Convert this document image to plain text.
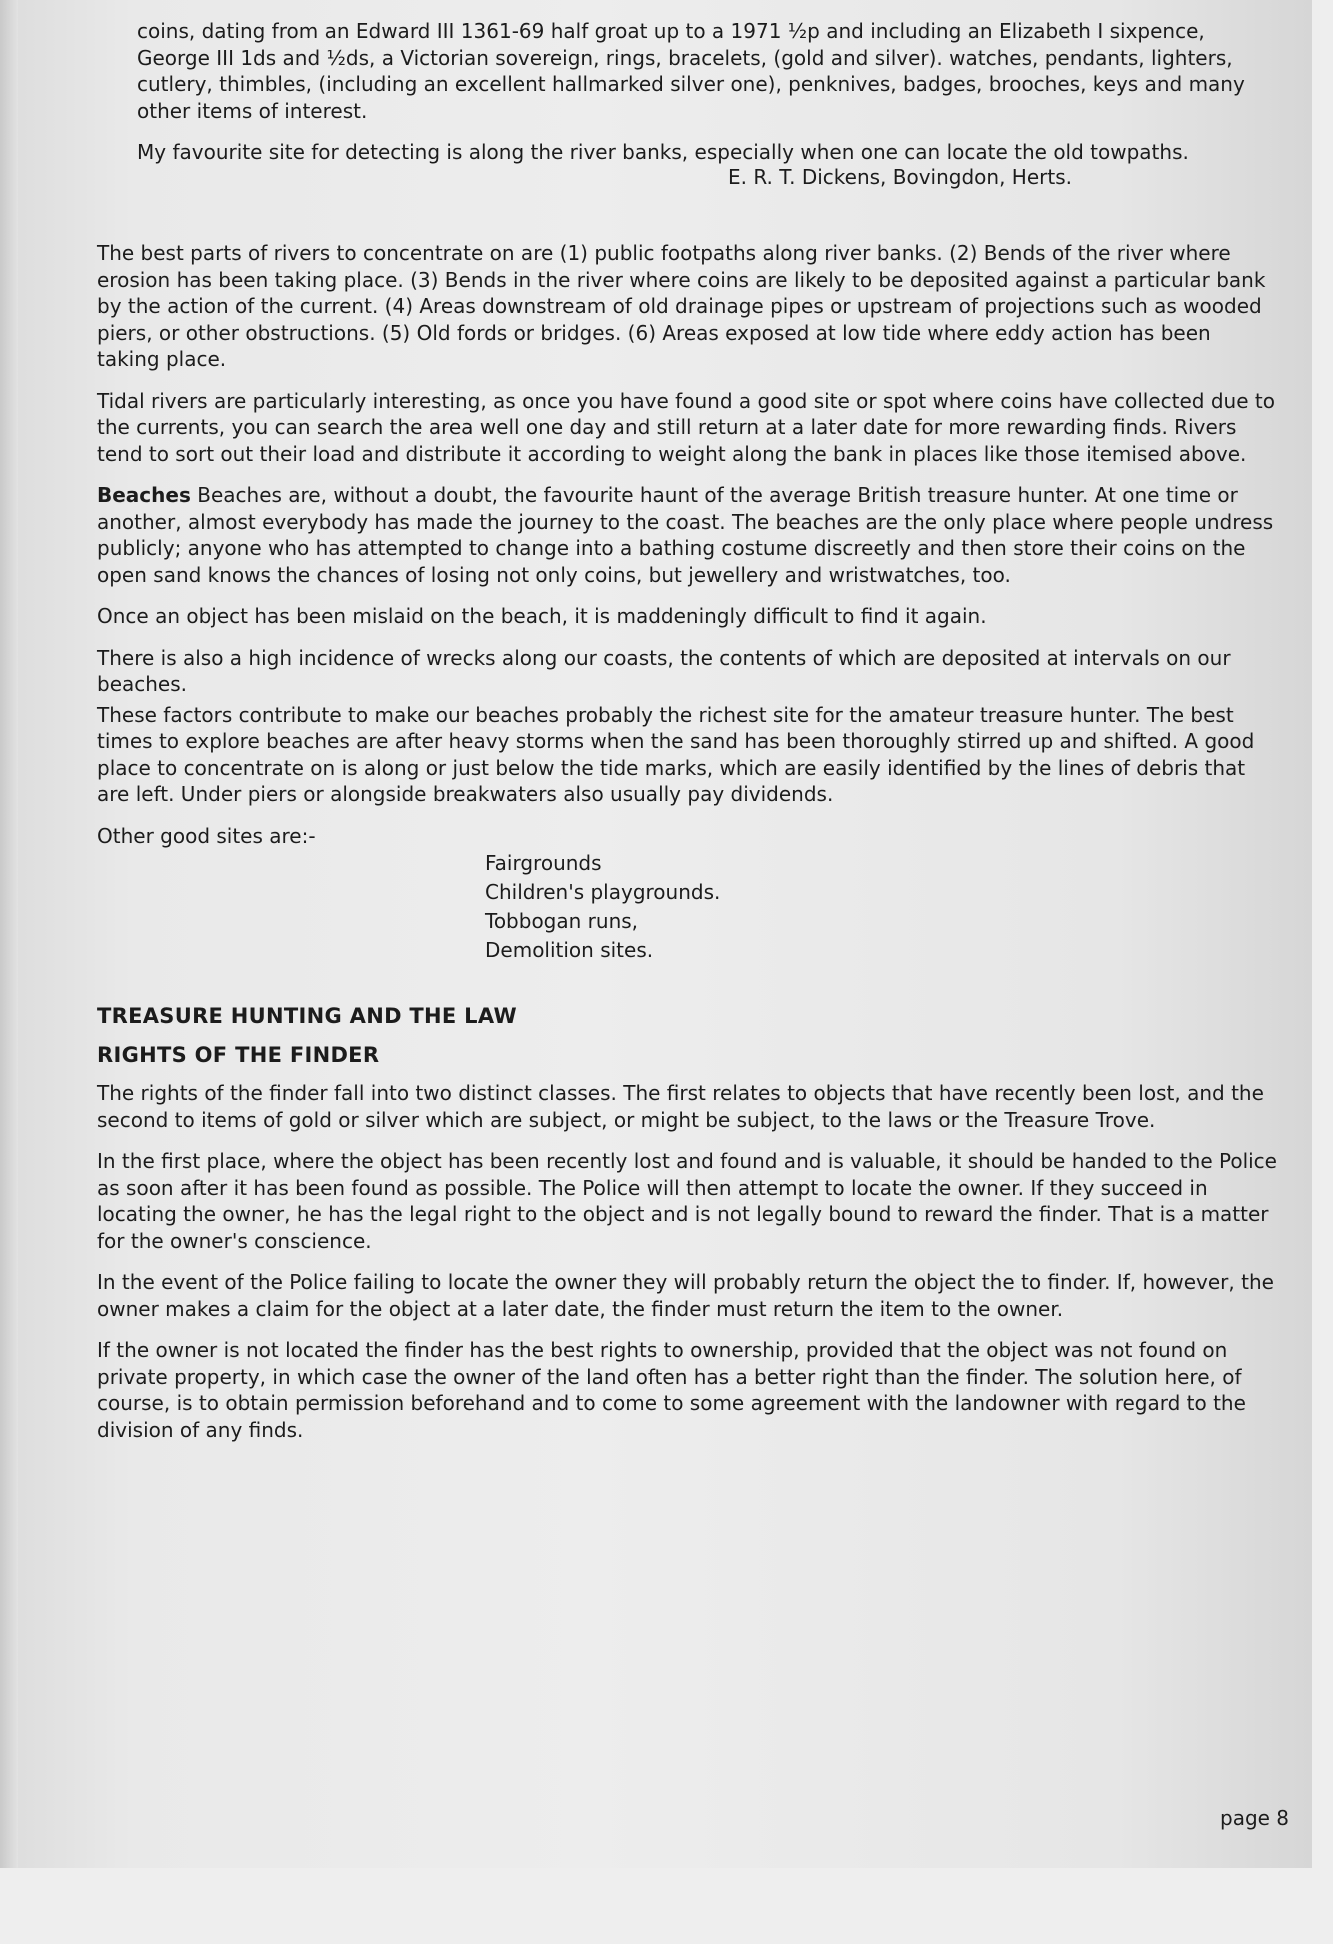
coins, dating from an Edward III 1361-69 half groat up to a 1971 ½p and including an Elizabeth I sixpence, George III 1ds and ½ds, a Victorian sovereign, rings, bracelets, (gold and silver). watches, pendants, lighters, cutlery, thimbles, (including an excellent hallmarked silver one), penknives, badges, brooches, keys and many other items of interest.

My favourite site for detecting is along the river banks, especially when one can locate the old towpaths.

E. R. T. Dickens, Bovingdon, Herts.

The best parts of rivers to concentrate on are (1) public footpaths along river banks. (2) Bends of the river where erosion has been taking place. (3) Bends in the river where coins are likely to be deposited against a particular bank by the action of the current. (4) Areas downstream of old drainage pipes or upstream of projections such as wooded piers, or other obstructions. (5) Old fords or bridges. (6) Areas exposed at low tide where eddy action has been taking place.

Tidal rivers are particularly interesting, as once you have found a good site or spot where coins have collected due to the currents, you can search the area well one day and still return at a later date for more rewarding finds. Rivers tend to sort out their load and distribute it according to weight along the bank in places like those itemised above.

Beaches Beaches are, without a doubt, the favourite haunt of the average British treasure hunter. At one time or another, almost everybody has made the journey to the coast. The beaches are the only place where people undress publicly; anyone who has attempted to change into a bathing costume discreetly and then store their coins on the open sand knows the chances of losing not only coins, but jewellery and wristwatches, too.

Once an object has been mislaid on the beach, it is maddeningly difficult to find it again.

There is also a high incidence of wrecks along our coasts, the contents of which are deposited at intervals on our beaches.

These factors contribute to make our beaches probably the richest site for the amateur treasure hunter. The best times to explore beaches are after heavy storms when the sand has been thoroughly stirred up and shifted. A good place to concentrate on is along or just below the tide marks, which are easily identified by the lines of debris that are left. Under piers or alongside breakwaters also usually pay dividends.

Other good sites are:-

Fairgrounds
Children's playgrounds.
Tobbogan runs,
Demolition sites.
TREASURE HUNTING AND THE LAW
RIGHTS OF THE FINDER

The rights of the finder fall into two distinct classes. The first relates to objects that have recently been lost, and the second to items of gold or silver which are subject, or might be subject, to the laws or the Treasure Trove.

In the first place, where the object has been recently lost and found and is valuable, it should be handed to the Police as soon after it has been found as possible. The Police will then attempt to locate the owner. If they succeed in locating the owner, he has the legal right to the object and is not legally bound to reward the finder. That is a matter for the owner's conscience.

In the event of the Police failing to locate the owner they will probably return the object the to finder. If, however, the owner makes a claim for the object at a later date, the finder must return the item to the owner.

If the owner is not located the finder has the best rights to ownership, provided that the object was not found on private property, in which case the owner of the land often has a better right than the finder. The solution here, of course, is to obtain permission beforehand and to come to some agreement with the landowner with regard to the division of any finds.

page 8
